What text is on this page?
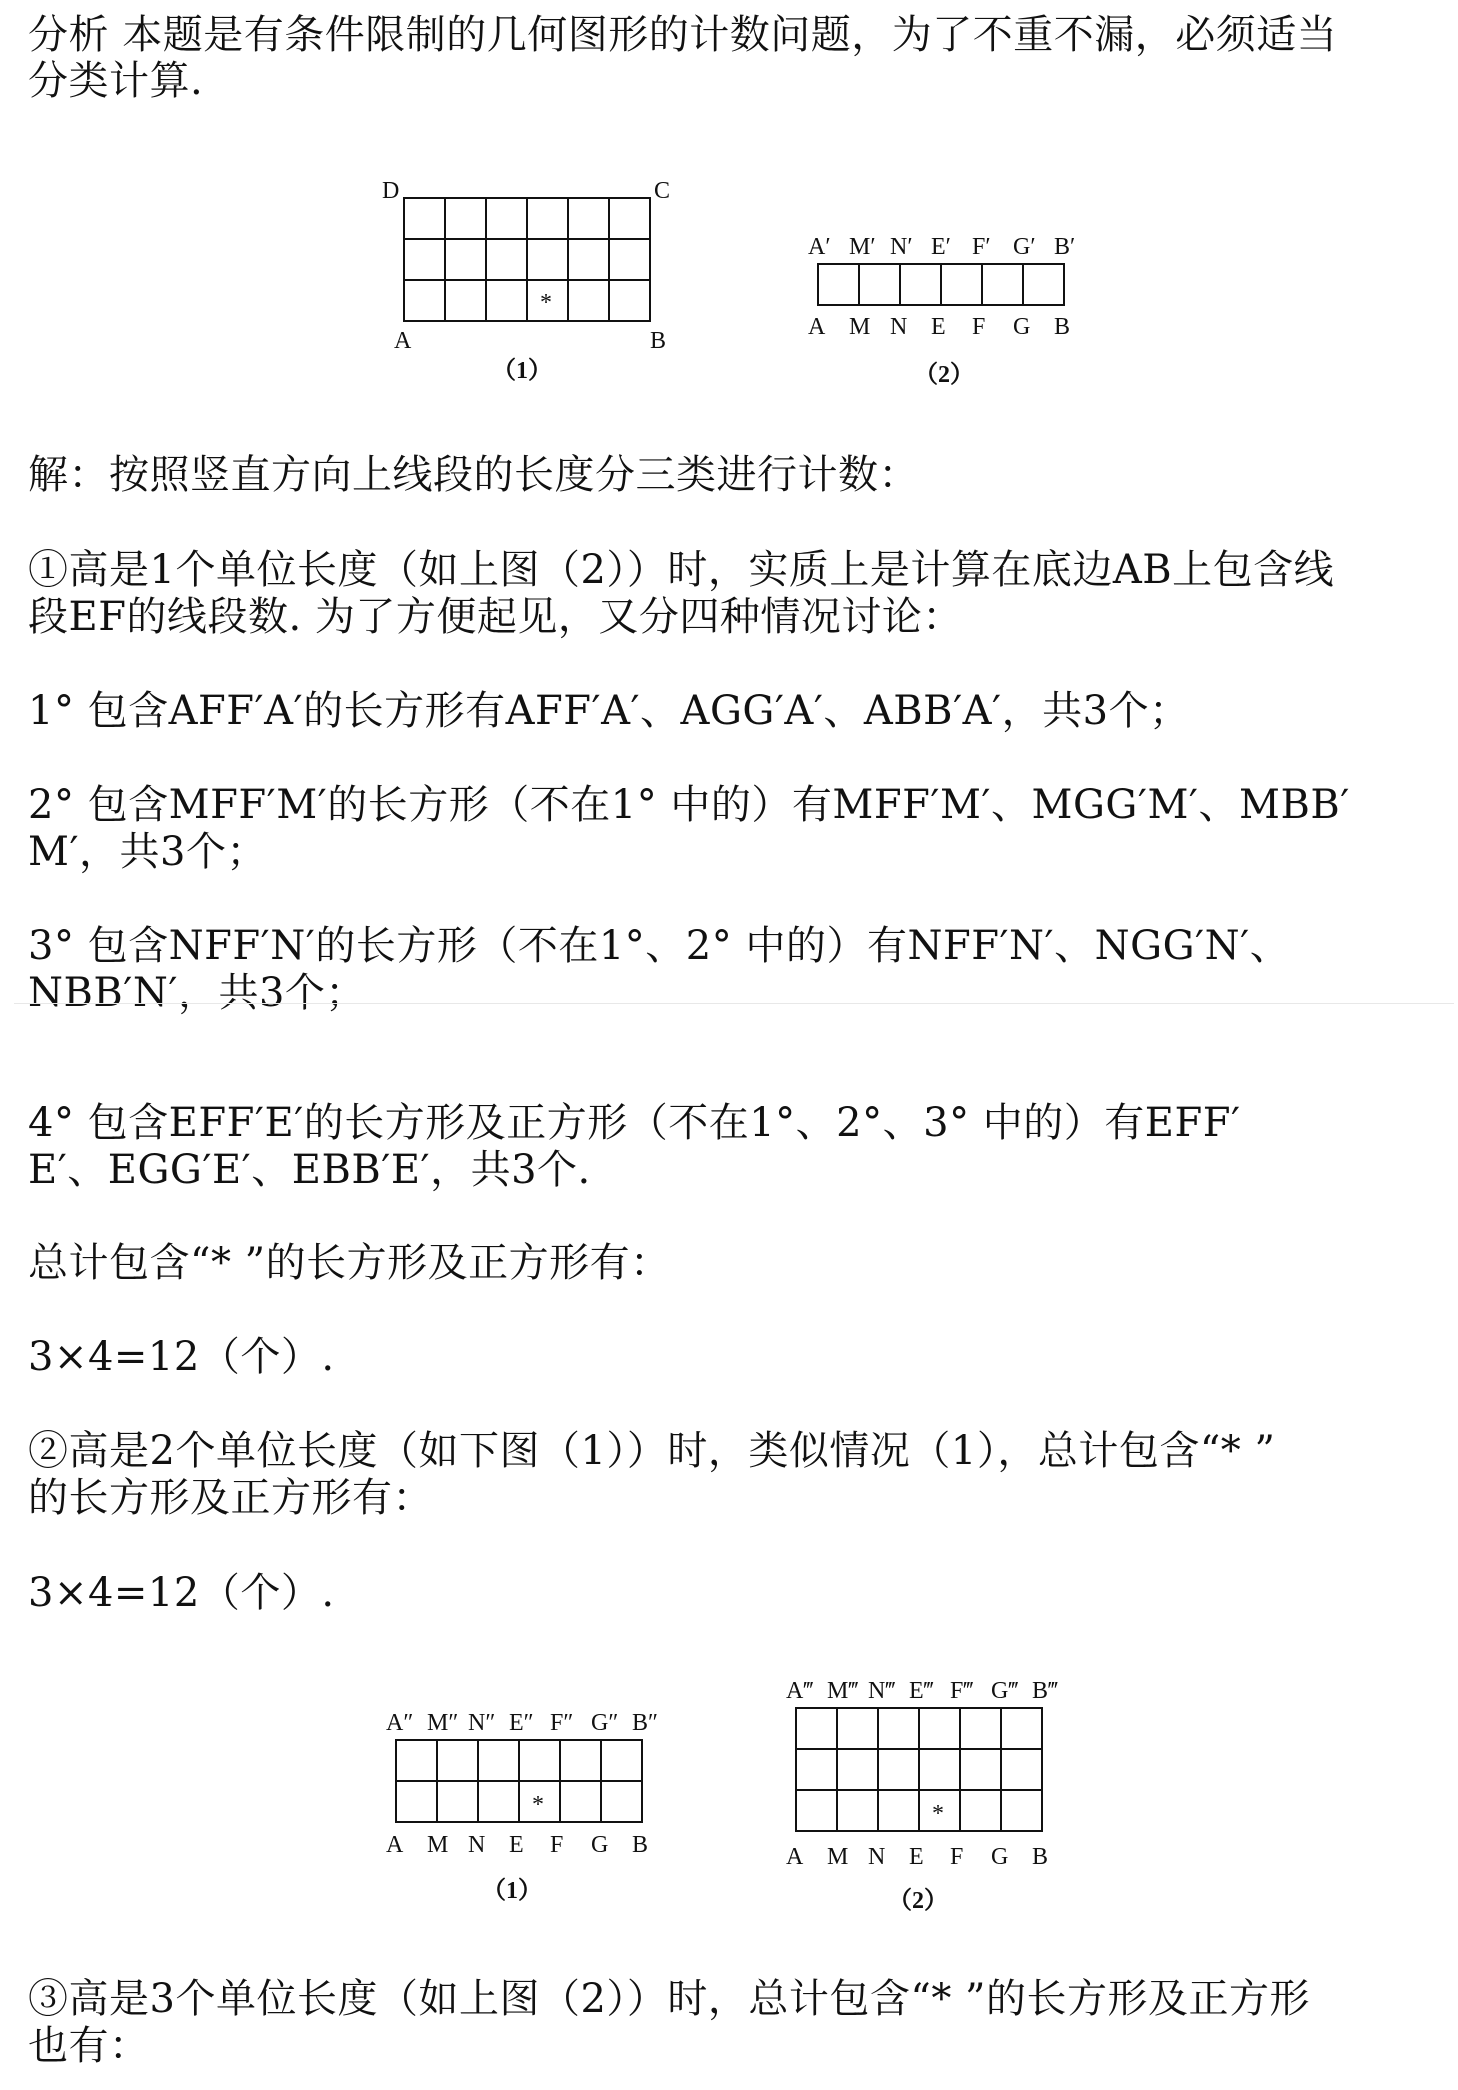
分析 本题是有条件限制的几何图形的计数问题，为了不重不漏，必须适当

分类计算.

D	C
A	B
*
（1）
A′ M′ N′ E′ F′ G′ B′
A M N E F G B
（2）

解：按照竖直方向上线段的长度分三类进行计数：

①高是1个单位长度（如上图（2））时，实质上是计算在底边AB上包含线

段EF的线段数. 为了方便起见，又分四种情况讨论：

1° 包含AFF′A′的长方形有AFF′A′、AGG′A′、ABB′A′，共3个；

2° 包含MFF′M′的长方形（不在1° 中的）有MFF′M′、MGG′M′、MBB′

M′，共3个；

3° 包含NFF′N′的长方形（不在1°、2° 中的）有NFF′N′、NGG′N′、

NBB′N′，共3个；

4° 包含EFF′E′的长方形及正方形（不在1°、2°、3° 中的）有EFF′

E′、EGG′E′、EBB′E′，共3个.

总计包含“* ”的长方形及正方形有：

3×4=12（个）.

②高是2个单位长度（如下图（1））时，类似情况（1），总计包含“* ”

的长方形及正方形有：

3×4=12（个）.

A″ M″ N″ E″ F″ G″ B″
*
A M N E F G B
（1）
A‴ M‴ N‴ E‴ F‴ G‴ B‴
*
A M N E F G B
（2）

③高是3个单位长度（如上图（2））时，总计包含“* ”的长方形及正方形

也有：
